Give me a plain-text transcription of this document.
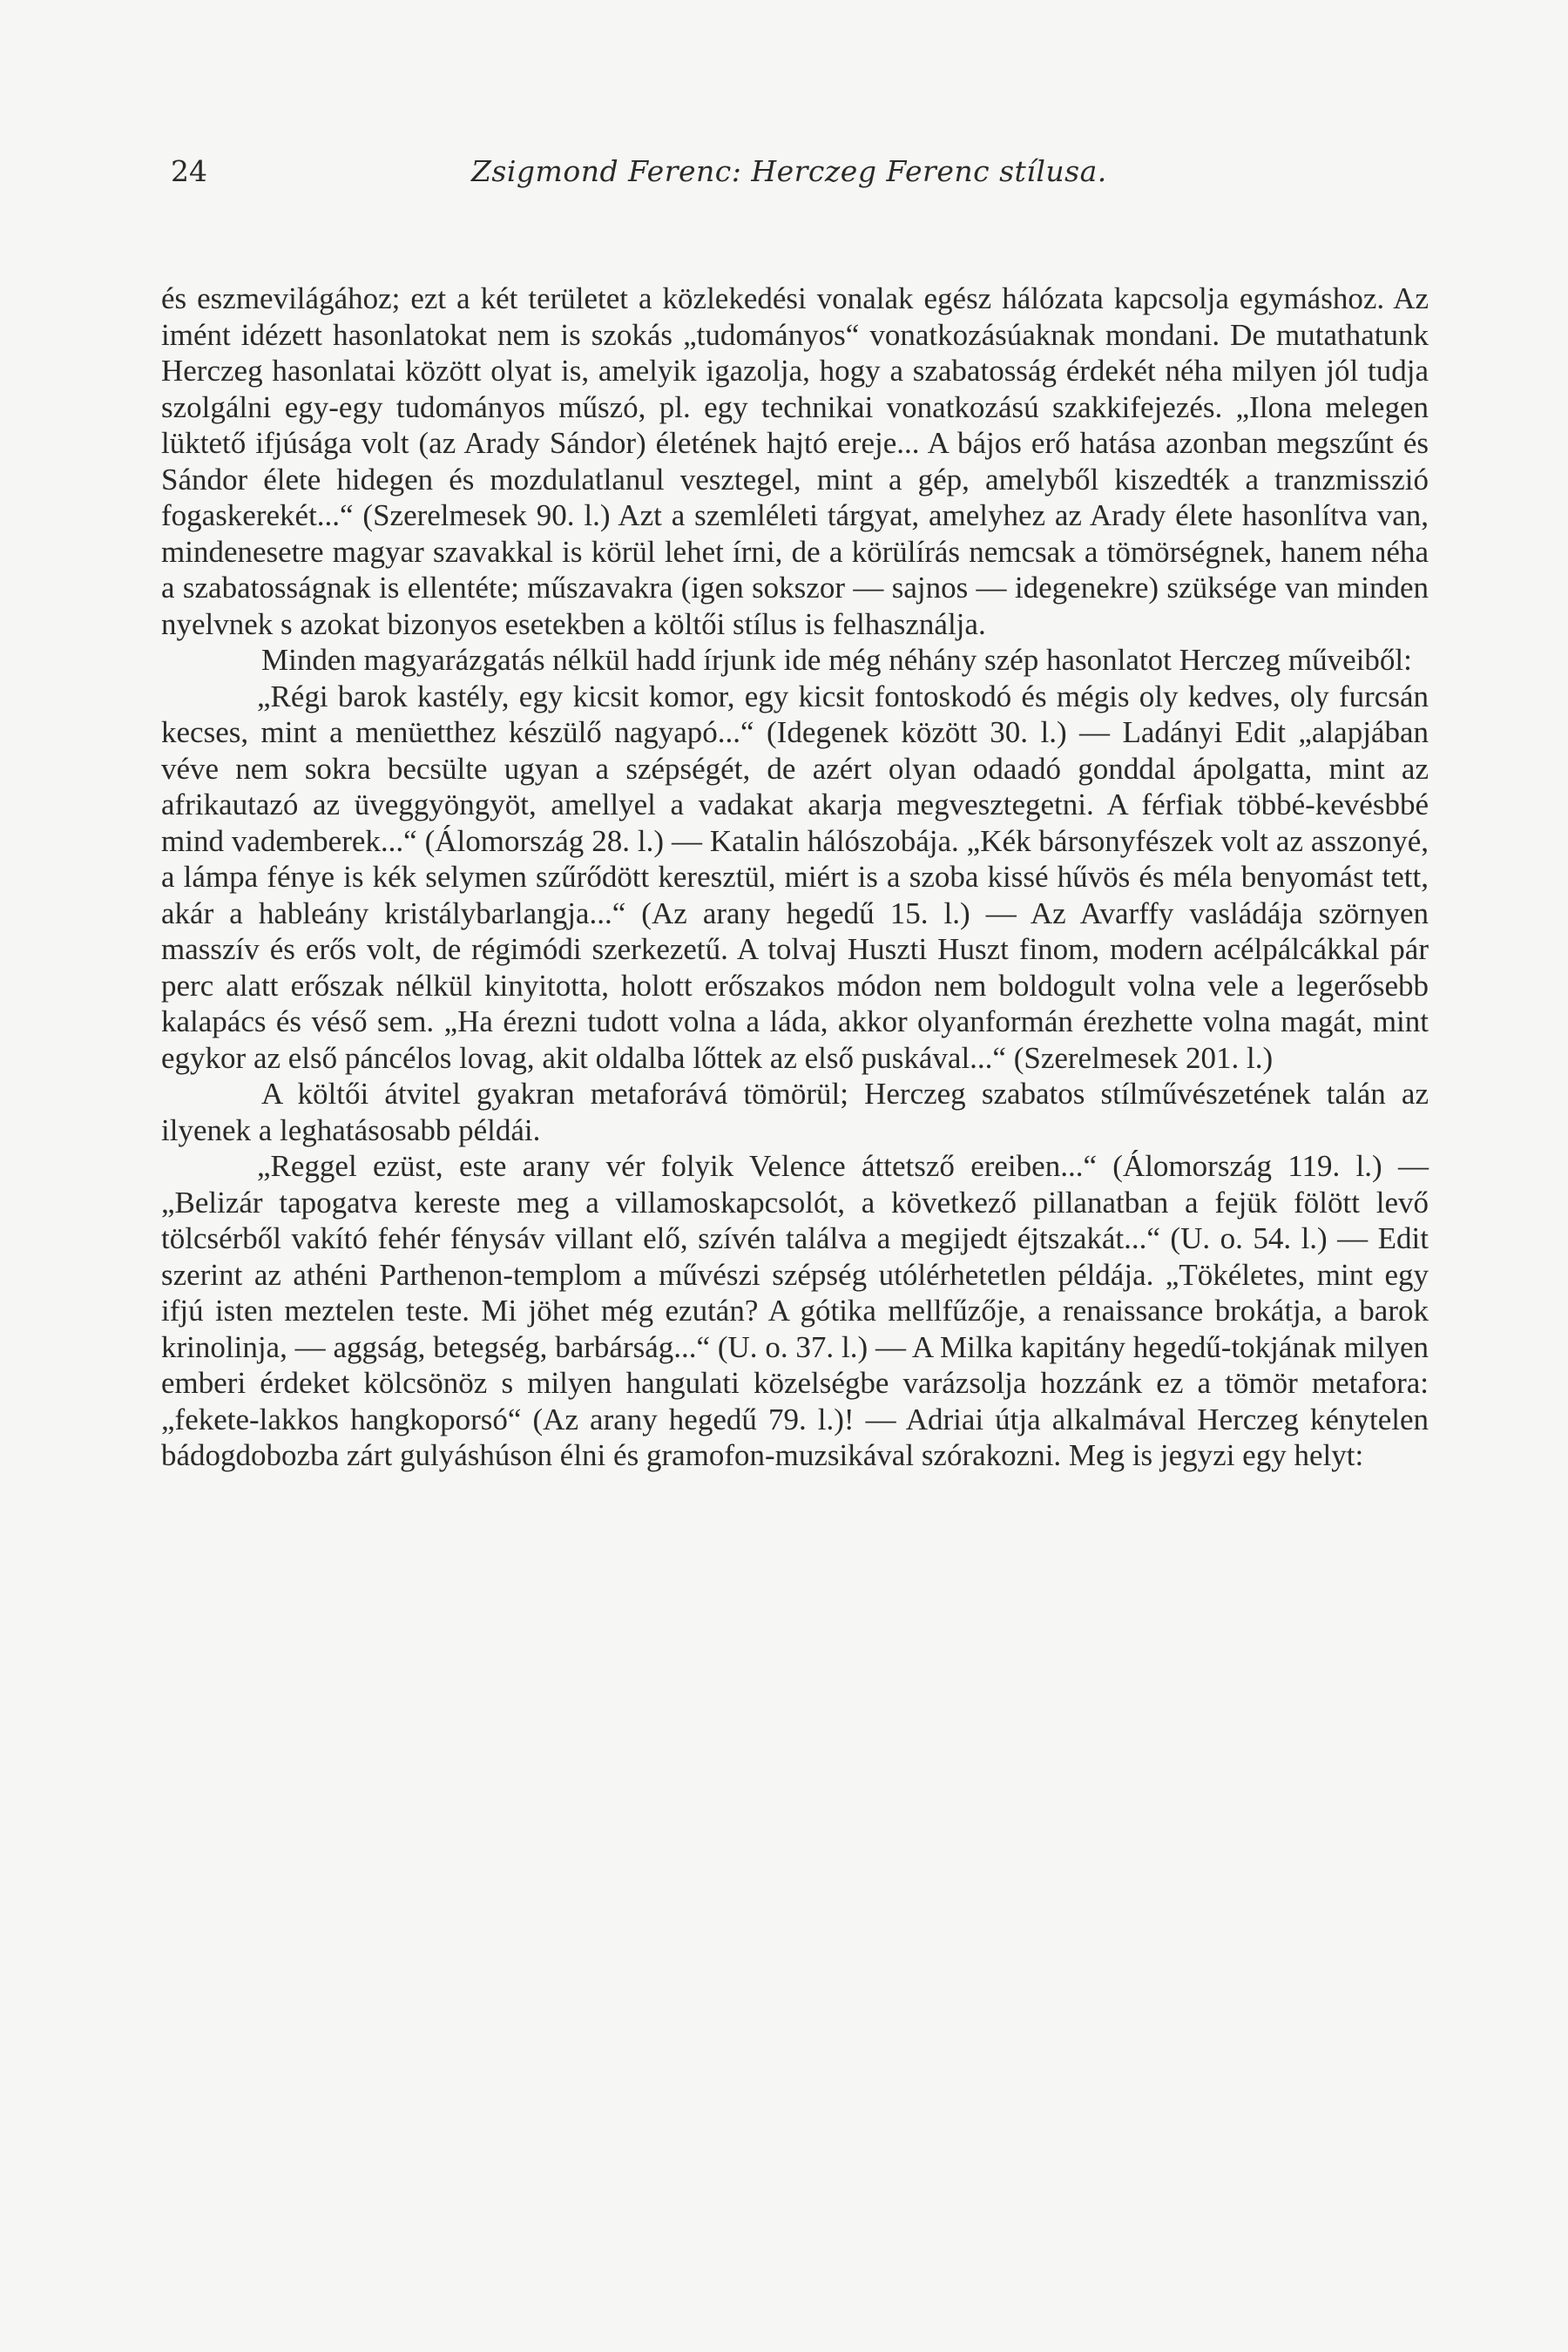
24	Zsigmond Ferenc: Herczeg Ferenc stílusa.

és eszmevilágához; ezt a két területet a közlekedési vonalak egész hálózata kapcsolja egymáshoz. Az imént idézett hasonlatokat nem is szokás „tudományos“ vonatkozásúaknak mondani. De mutathatunk Herczeg hasonlatai között olyat is, amelyik igazolja, hogy a szabatosság érdekét néha milyen jól tudja szolgálni egy-egy tudományos műszó, pl. egy technikai vonatkozású szakkifejezés. „Ilona melegen lüktető ifjúsága volt (az Arady Sándor) életének hajtó ereje... A bájos erő hatása azonban megszűnt és Sándor élete hidegen és mozdulatlanul vesztegel, mint a gép, amelyből kiszedték a tranzmisszió fogaskerekét...“ (Szerelmesek 90. l.) Azt a szemléleti tárgyat, amelyhez az Arady élete hasonlítva van, mindenesetre magyar szavakkal is körül lehet írni, de a körülírás nemcsak a tömörségnek, hanem néha a szabatosságnak is ellentéte; műszavakra (igen sokszor — sajnos — idegenekre) szüksége van minden nyelvnek s azokat bizonyos esetekben a költői stílus is felhasználja.

Minden magyarázgatás nélkül hadd írjunk ide még néhány szép hasonlatot Herczeg műveiből:

„Régi barok kastély, egy kicsit komor, egy kicsit fontoskodó és mégis oly kedves, oly furcsán kecses, mint a menüetthez készülő nagyapó...“ (Idegenek között 30. l.) — Ladányi Edit „alapjában véve nem sokra becsülte ugyan a szépségét, de azért olyan odaadó gonddal ápolgatta, mint az afrikautazó az üveggyöngyöt, amellyel a vadakat akarja megvesztegetni. A férfiak többé-kevésbbé mind vademberek...“ (Álomország 28. l.) — Katalin hálószobája. „Kék bársonyfészek volt az asszonyé, a lámpa fénye is kék selymen szűrődött keresztül, miért is a szoba kissé hűvös és méla benyomást tett, akár a hableány kristálybarlangja...“ (Az arany hegedű 15. l.) — Az Avarffy vasládája szörnyen masszív és erős volt, de régimódi szerkezetű. A tolvaj Huszti Huszt finom, modern acélpálcákkal pár perc alatt erőszak nélkül kinyitotta, holott erőszakos módon nem boldogult volna vele a legerősebb kalapács és véső sem. „Ha érezni tudott volna a láda, akkor olyanformán érezhette volna magát, mint egykor az első páncélos lovag, akit oldalba lőttek az első puskával...“ (Szerelmesek 201. l.)

A költői átvitel gyakran metaforává tömörül; Herczeg szabatos stílművészetének talán az ilyenek a leghatásosabb példái.

„Reggel ezüst, este arany vér folyik Velence áttetsző ereiben...“ (Álomország 119. l.) — „Belizár tapogatva kereste meg a villamoskapcsolót, a következő pillanatban a fejük fölött levő tölcsérből vakító fehér fénysáv villant elő, szívén találva a megijedt éjtszakát...“ (U. o. 54. l.) — Edit szerint az athéni Parthenon-templom a művészi szépség utólérhetetlen példája. „Tökéletes, mint egy ifjú isten meztelen teste. Mi jöhet még ezután? A gótika mellfűzője, a renaissance brokátja, a barok krinolinja, — aggság, betegség, barbárság...“ (U. o. 37. l.) — A Milka kapitány hegedű-tokjának milyen emberi érdeket kölcsönöz s milyen hangulati közelségbe varázsolja hozzánk ez a tömör metafora: „fekete-lakkos hangkoporsó“ (Az arany hegedű 79. l.)! — Adriai útja alkalmával Herczeg kénytelen bádogdobozba zárt gulyáshúson élni és gramofon-muzsikával szórakozni. Meg is jegyzi egy helyt:
